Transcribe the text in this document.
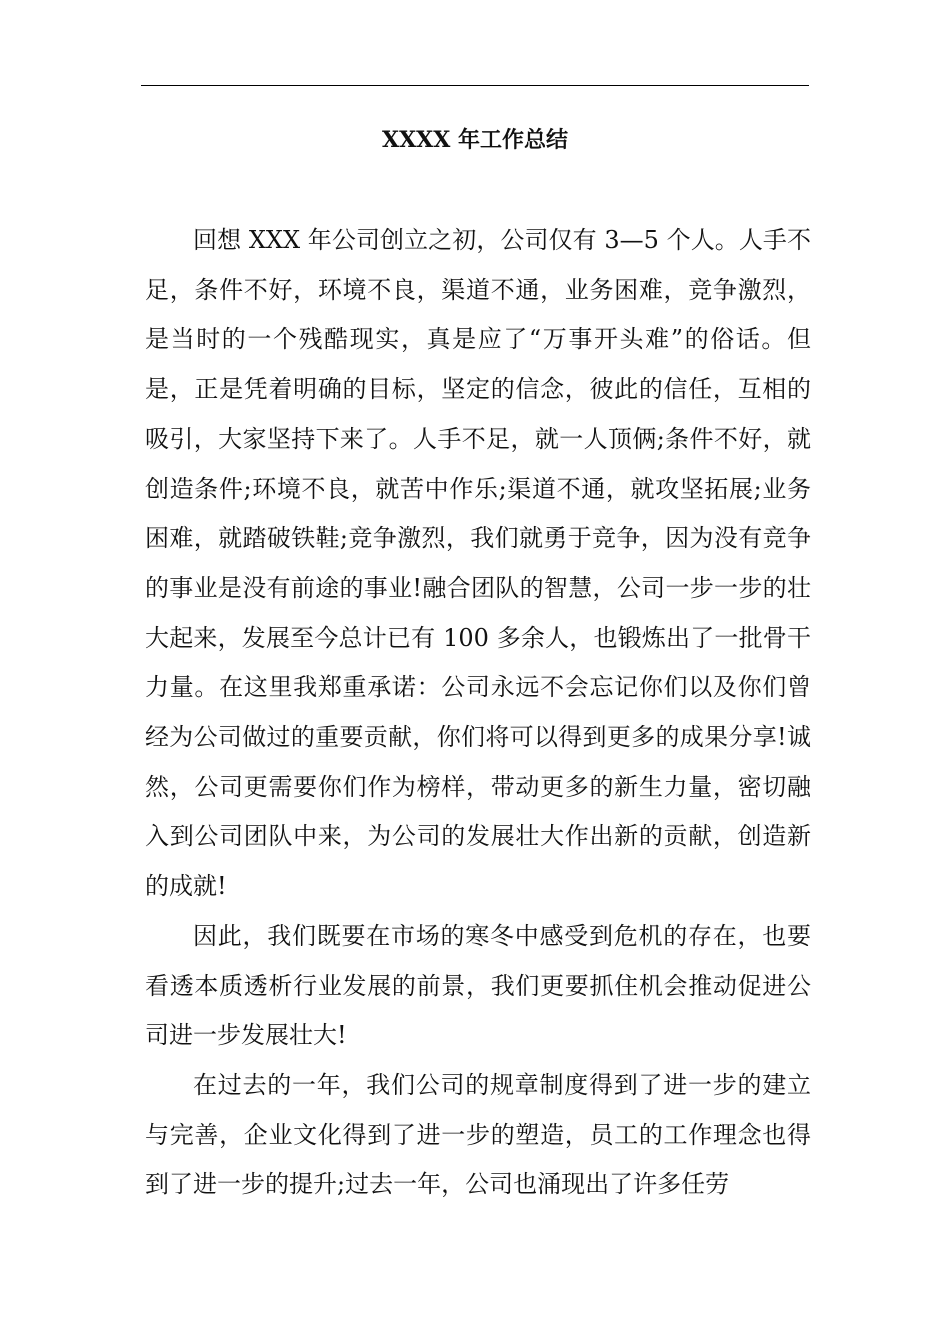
XXXX 年工作总结

回想 XXX 年公司创立之初，公司仅有 3—5 个人。人手不足，条件不好，环境不良，渠道不通，业务困难，竞争激烈，是当时的一个残酷现实，真是应了“万事开头难”的俗话。但是，正是凭着明确的目标，坚定的信念，彼此的信任，互相的吸引，大家坚持下来了。人手不足，就一人顶俩;条件不好，就创造条件;环境不良，就苦中作乐;渠道不通，就攻坚拓展;业务困难，就踏破铁鞋;竞争激烈，我们就勇于竞争，因为没有竞争的事业是没有前途的事业!融合团队的智慧，公司一步一步的壮大起来，发展至今总计已有 100 多余人，也锻炼出了一批骨干力量。在这里我郑重承诺：公司永远不会忘记你们以及你们曾经为公司做过的重要贡献，你们将可以得到更多的成果分享!诚然，公司更需要你们作为榜样，带动更多的新生力量，密切融入到公司团队中来，为公司的发展壮大作出新的贡献，创造新的成就!

因此，我们既要在市场的寒冬中感受到危机的存在，也要看透本质透析行业发展的前景，我们更要抓住机会推动促进公司进一步发展壮大!

在过去的一年，我们公司的规章制度得到了进一步的建立与完善，企业文化得到了进一步的塑造，员工的工作理念也得到了进一步的提升;过去一年，公司也涌现出了许多任劳
